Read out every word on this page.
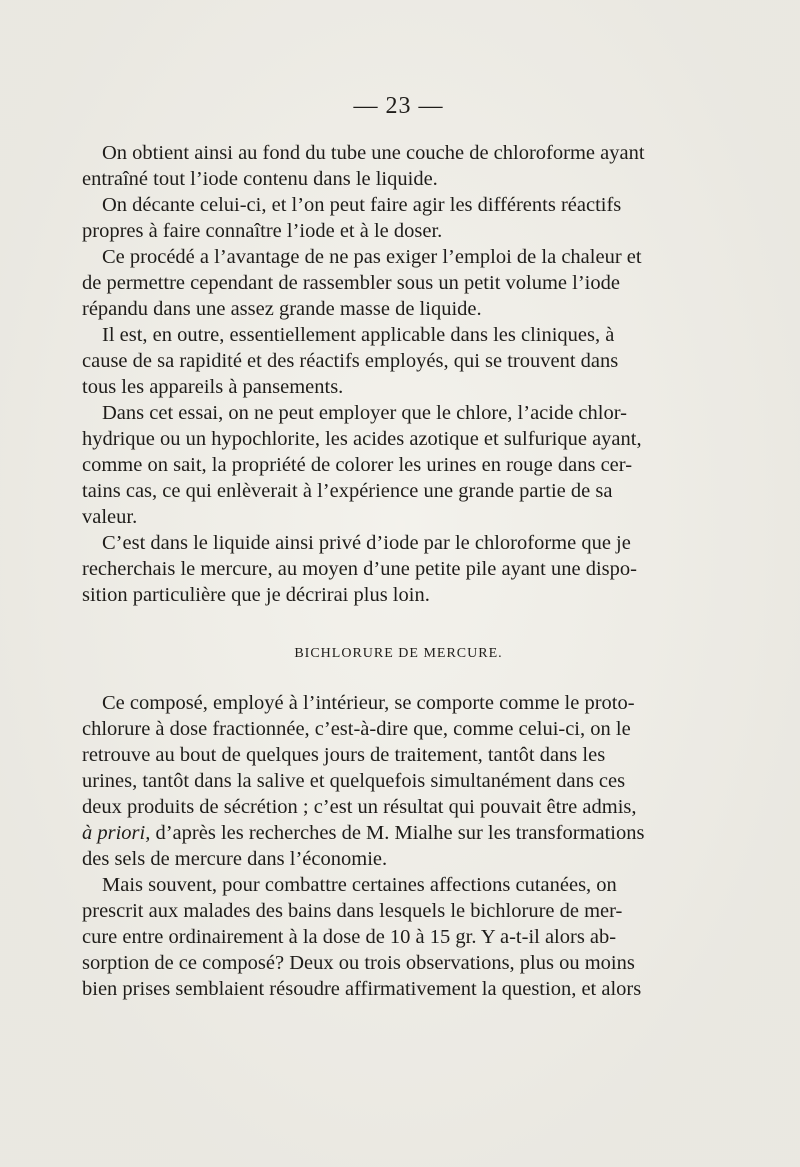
— 23 —
On obtient ainsi au fond du tube une couche de chloroforme ayant
entraîné tout l’iode contenu dans le liquide.
On décante celui-ci, et l’on peut faire agir les différents réactifs
propres à faire connaître l’iode et à le doser.
Ce procédé a l’avantage de ne pas exiger l’emploi de la chaleur et
de permettre cependant de rassembler sous un petit volume l’iode
répandu dans une assez grande masse de liquide.
Il est, en outre, essentiellement applicable dans les cliniques, à
cause de sa rapidité et des réactifs employés, qui se trouvent dans
tous les appareils à pansements.
Dans cet essai, on ne peut employer que le chlore, l’acide chlor-
hydrique ou un hypochlorite, les acides azotique et sulfurique ayant,
comme on sait, la propriété de colorer les urines en rouge dans cer-
tains cas, ce qui enlèverait à l’expérience une grande partie de sa
valeur.
C’est dans le liquide ainsi privé d’iode par le chloroforme que je
recherchais le mercure, au moyen d’une petite pile ayant une dispo-
sition particulière que je décrirai plus loin.
BICHLORURE DE MERCURE.
Ce composé, employé à l’intérieur, se comporte comme le proto-
chlorure à dose fractionnée, c’est-à-dire que, comme celui-ci, on le
retrouve au bout de quelques jours de traitement, tantôt dans les
urines, tantôt dans la salive et quelquefois simultanément dans ces
deux produits de sécrétion ; c’est un résultat qui pouvait être admis,
à priori, d’après les recherches de M. Mialhe sur les transformations
des sels de mercure dans l’économie.
Mais souvent, pour combattre certaines affections cutanées, on
prescrit aux malades des bains dans lesquels le bichlorure de mer-
cure entre ordinairement à la dose de 10 à 15 gr. Y a-t-il alors ab-
sorption de ce composé? Deux ou trois observations, plus ou moins
bien prises semblaient résoudre affirmativement la question, et alors
